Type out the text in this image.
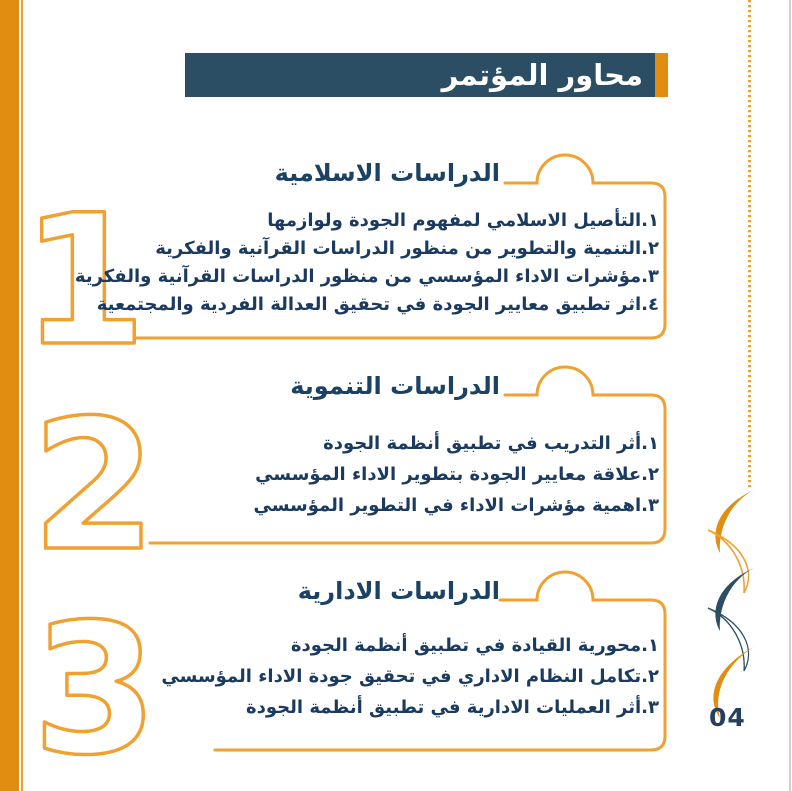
محاور المؤتمر
1
الدراسات الاسلامية
١.التأصيل الاسلامي لمفهوم الجودة ولوازمها
٢.التنمية والتطوير من منظور الدراسات القرآنية والفكرية
٣.مؤشرات الاداء المؤسسي من منظور الدراسات القرآنية والفكرية
٤.اثر تطبيق معايير الجودة في تحقيق العدالة الفردية والمجتمعية
2	الدراسات التنموية
١.أثر التدريب في تطبيق أنظمة الجودة
٢.علاقة معايير الجودة بتطوير الاداء المؤسسي
٣.اهمية مؤشرات الاداء في التطوير المؤسسي
3	الدراسات الادارية
١.محورية القيادة في تطبيق أنظمة الجودة
٢.تكامل النظام الاداري في تحقيق جودة الاداء المؤسسي
٣.أثر العمليات الادارية في تطبيق أنظمة الجودة 04
